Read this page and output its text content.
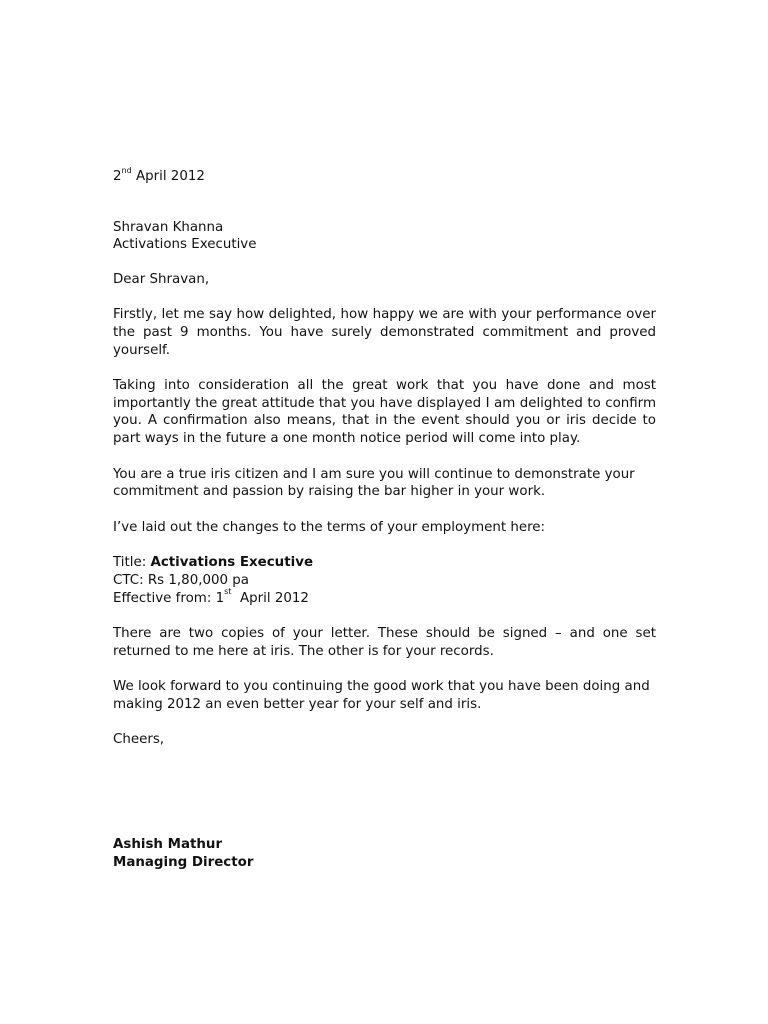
2nd April 2012

Shravan Khanna
Activations Executive

Dear Shravan,

Firstly, let me say how delighted, how happy we are with your performance over the past 9 months. You have surely demonstrated commitment and proved yourself.

Taking into consideration all the great work that you have done and most importantly the great attitude that you have displayed I am delighted to confirm you. A confirmation also means, that in the event should you or iris decide to part ways in the future a one month notice period will come into play.

You are a true iris citizen and I am sure you will continue to demonstrate your commitment and passion by raising the bar higher in your work.

I’ve laid out the changes to the terms of your employment here:

Title: Activations Executive
CTC: Rs 1,80,000 pa
Effective from: 1st  April 2012

There are two copies of your letter. These should be signed – and one set returned to me here at iris. The other is for your records.

We look forward to you continuing the good work that you have been doing and making 2012 an even better year for your self and iris.

Cheers,

Ashish Mathur
Managing Director
